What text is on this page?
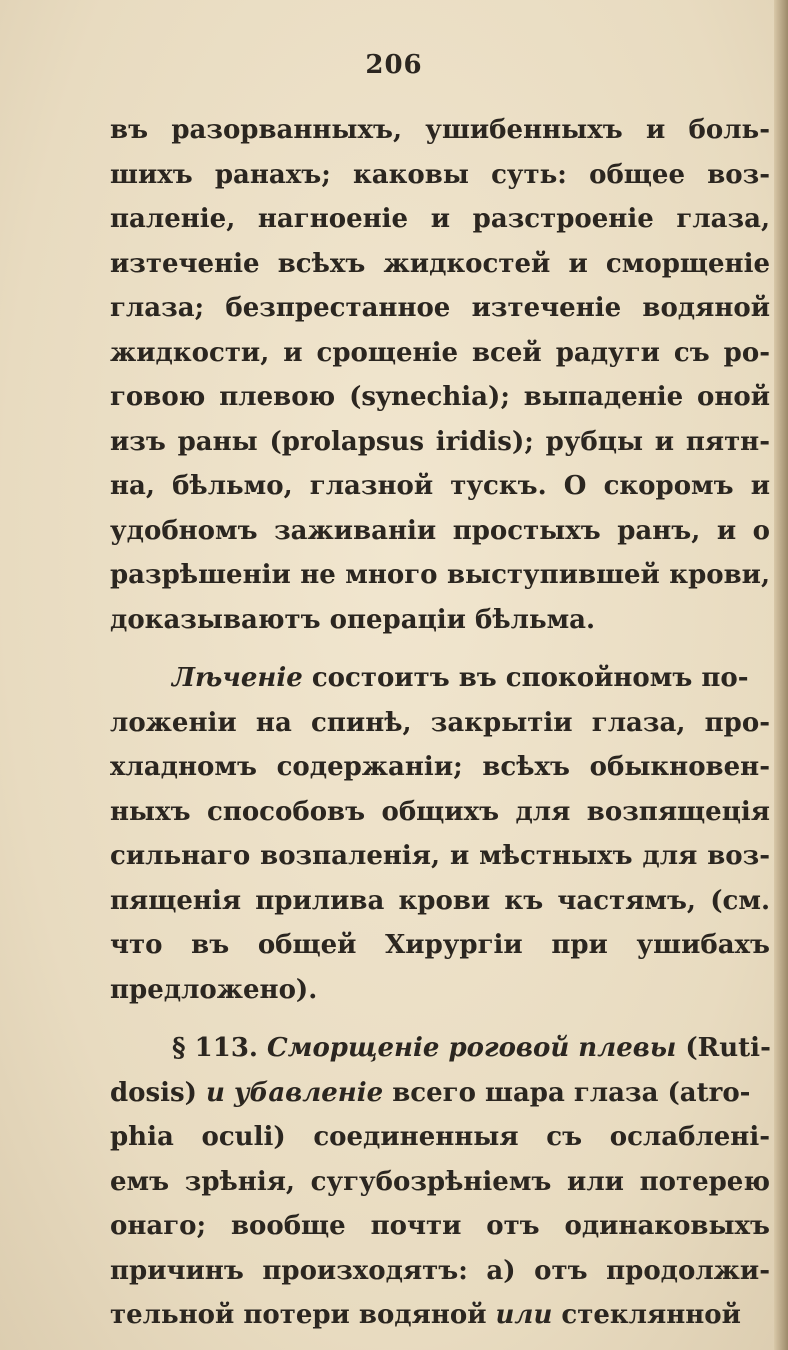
206
въ разорванныхъ, ушибенныхъ и боль-
шихъ ранахъ; каковы суть: общее воз-
паленіе, нагноеніе и разстроеніе глаза,
изтеченіе всѣхъ жидкостей и сморщеніе
глаза; безпрестанное изтеченіе водяной
жидкости, и срощеніе всей радуги съ ро-
говою плевою (synechia); выпаденіе оной
изъ раны (prolapsus iridis); рубцы и пятн-
на, бѣльмо, глазной тускъ. О скоромъ и
удобномъ заживаніи простыхъ ранъ, и о
разрѣшеніи не много выступившей крови,
доказываютъ операціи бѣльма.
Лѣченіе состоитъ въ спокойномъ по-
ложеніи на спинѣ, закрытіи глаза, про-
хладномъ содержаніи; всѣхъ обыкновен-
ныхъ способовъ общихъ для возпящеція
сильнаго возпаленія, и мѣстныхъ для воз-
пященія прилива крови къ частямъ, (см.
что въ общей Хирургіи при ушибахъ
предложено).
§ 113. Сморщеніе роговой плевы (Ruti-
dosis) и убавленіе всего шара глаза (atro-
phia oculi) соединенныя съ ослабленi-
емъ зрѣнія, сугубозрѣніемъ или потерею
онаго; вообще почти отъ одинаковыхъ
причинъ произходятъ: а) отъ продолжи-
тельной потери водяной или стеклянной
